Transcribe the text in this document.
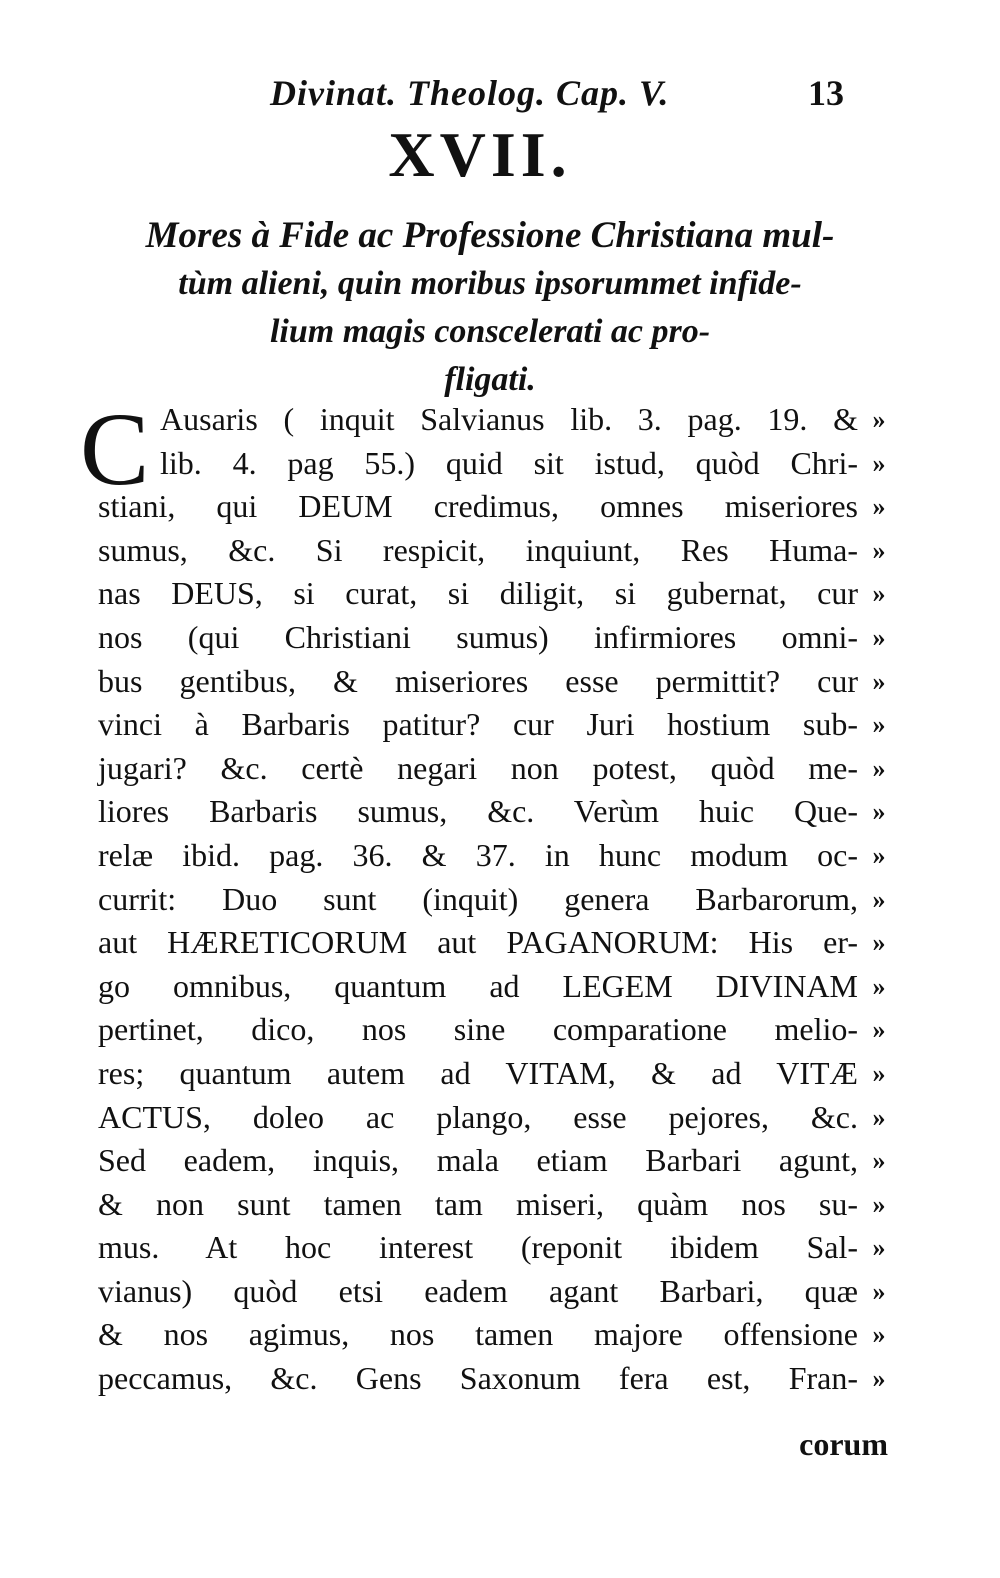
Divinat. Theolog. Cap. V.	13
XVII.
Mores à Fide ac Professione Christiana mul-
tùm alieni, quin moribus ipsorummet infide-
lium magis conscelerati ac pro-
fligati.
C Ausaris ( inquit Salvianus lib. 3. pag. 19. &
lib. 4. pag 55.) quid sit istud, quòd Chri-
stiani, qui DEUM credimus, omnes miseriores
sumus, &c. Si respicit, inquiunt, Res Huma-
nas DEUS, si curat, si diligit, si gubernat, cur
nos (qui Christiani sumus) infirmiores omni-
bus gentibus, & miseriores esse permittit? cur
vinci à Barbaris patitur? cur Juri hostium sub-
jugari? &c. certè negari non potest, quòd me-
liores Barbaris sumus, &c. Verùm huic Que-
relæ ibid. pag. 36. & 37. in hunc modum oc-
currit: Duo sunt (inquit) genera Barbarorum,
aut HÆRETICORUM aut PAGANORUM: His er-
go omnibus, quantum ad LEGEM DIVINAM
pertinet, dico, nos sine comparatione melio-
res; quantum autem ad VITAM, & ad VITÆ
ACTUS, doleo ac plango, esse pejores, &c.
Sed eadem, inquis, mala etiam Barbari agunt,
& non sunt tamen tam miseri, quàm nos su-
mus. At hoc interest (reponit ibidem Sal-
vianus) quòd etsi eadem agant Barbari, quæ
& nos agimus, nos tamen majore offensione
peccamus, &c. Gens Saxonum fera est, Fran-
»
»
»
»
»
»
»
»
»
»
»
»
»
»
»
»
»
»
»
»
»
»
»
corum
